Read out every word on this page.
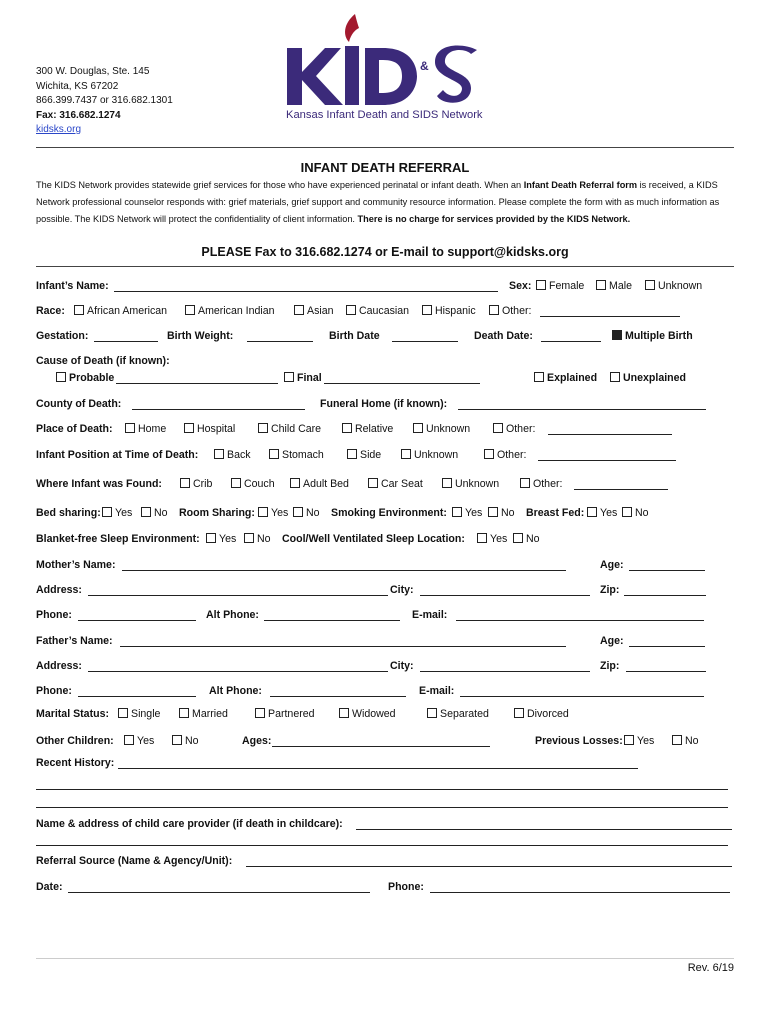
300 W. Douglas, Ste. 145
Wichita, KS 67202
866.399.7437 or 316.682.1301
Fax: 316.682.1274
kidsks.org
&
Kansas Infant Death and SIDS Network
INFANT DEATH REFERRAL
The KIDS Network provides statewide grief services for those who have experienced perinatal or infant death. When an Infant Death Referral form is received, a KIDS Network professional counselor responds with: grief materials, grief support and community resource information. Please complete the form with as much information as possible. The KIDS Network will protect the confidentiality of client information. There is no charge for services provided by the KIDS Network.
PLEASE Fax to 316.682.1274 or E-mail to support@kidsks.org
Infant’s Name:	Sex:	Female	Male	Unknown
Race:	African American	American Indian	Asian	Caucasian	Hispanic	Other:
Gestation:	Birth Weight:	Birth Date	Death Date:	Multiple Birth
Cause of Death (if known):
Probable	Final	Explained	Unexplained
County of Death:	Funeral Home (if known):
Place of Death:	Home	Hospital	Child Care	Relative	Unknown	Other:
Infant Position at Time of Death:	Back	Stomach	Side	Unknown	Other:
Where Infant was Found:	Crib	Couch	Adult Bed	Car Seat	Unknown	Other:
Bed sharing:	Yes	No Room Sharing:	Yes	No Smoking Environment:	Yes	No Breast Fed:	Yes	No
Blanket-free Sleep Environment:	Yes	No Cool/Well Ventilated Sleep Location:	Yes	No
Mother’s Name:	Age:
Address:	City:	Zip:
Phone:	Alt Phone:	E-mail:
Father’s Name:	Age:
Address:	City:	Zip:
Phone:	Alt Phone:	E-mail:
Marital Status:	Single	Married	Partnered	Widowed	Separated	Divorced
Other Children:	Yes	No	Ages:	Previous Losses:	Yes	No
Recent History:
Name & address of child care provider (if death in childcare):
Referral Source (Name & Agency/Unit):
Date:	Phone:
Rev. 6/19
